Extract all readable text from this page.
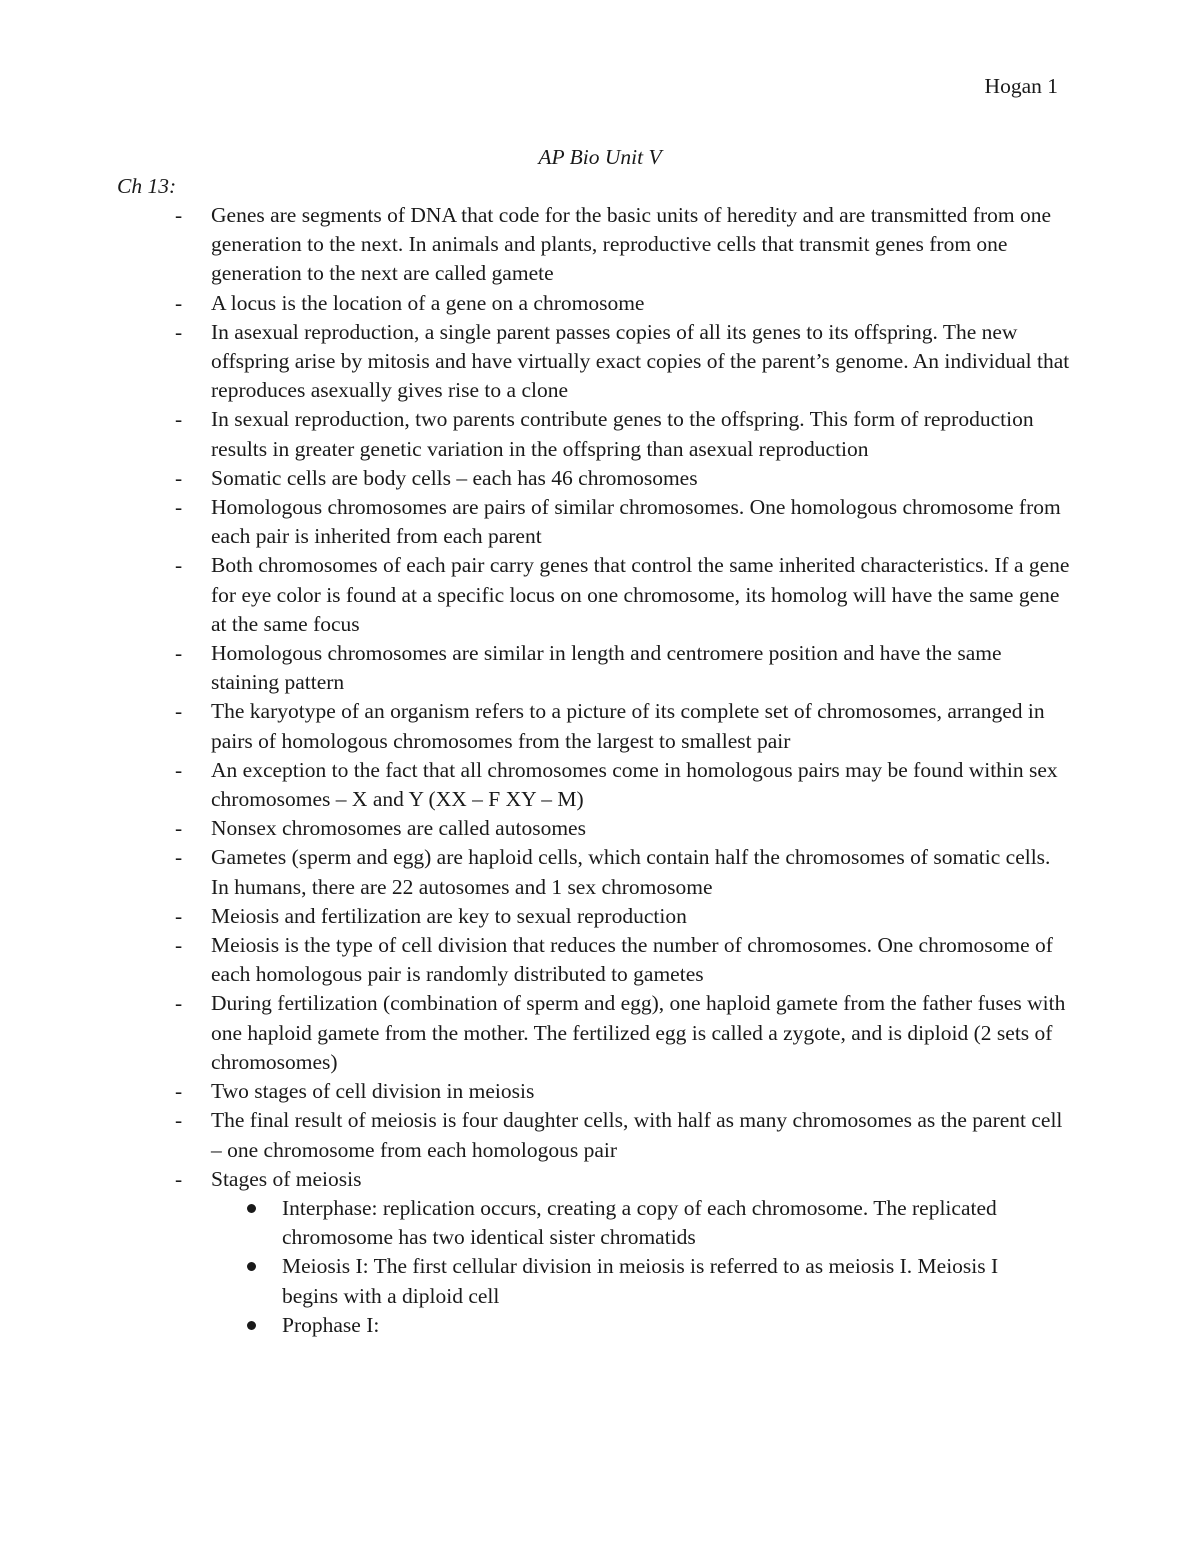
Hogan 1
AP Bio Unit V
Ch 13:
- Genes are segments of DNA that code for the basic units of heredity and are transmitted from one generation to the next. In animals and plants, reproductive cells that transmit genes from one generation to the next are called gamete
- A locus is the location of a gene on a chromosome
- In asexual reproduction, a single parent passes copies of all its genes to its offspring. The new offspring arise by mitosis and have virtually exact copies of the parent’s genome. An individual that reproduces asexually gives rise to a clone
- In sexual reproduction, two parents contribute genes to the offspring. This form of reproduction results in greater genetic variation in the offspring than asexual reproduction
- Somatic cells are body cells – each has 46 chromosomes
- Homologous chromosomes are pairs of similar chromosomes. One homologous chromosome from each pair is inherited from each parent
- Both chromosomes of each pair carry genes that control the same inherited characteristics. If a gene for eye color is found at a specific locus on one chromosome, its homolog will have the same gene at the same focus
- Homologous chromosomes are similar in length and centromere position and have the same staining pattern
- The karyotype of an organism refers to a picture of its complete set of chromosomes, arranged in pairs of homologous chromosomes from the largest to smallest pair
- An exception to the fact that all chromosomes come in homologous pairs may be found within sex chromosomes – X and Y (XX – F XY – M)
- Nonsex chromosomes are called autosomes
- Gametes (sperm and egg) are haploid cells, which contain half the chromosomes of somatic cells. In humans, there are 22 autosomes and 1 sex chromosome
- Meiosis and fertilization are key to sexual reproduction
- Meiosis is the type of cell division that reduces the number of chromosomes. One chromosome of each homologous pair is randomly distributed to gametes
- During fertilization (combination of sperm and egg), one haploid gamete from the father fuses with one haploid gamete from the mother. The fertilized egg is called a zygote, and is diploid (2 sets of chromosomes)
- Two stages of cell division in meiosis
- The final result of meiosis is four daughter cells, with half as many chromosomes as the parent cell – one chromosome from each homologous pair
- Stages of meiosis
Interphase: replication occurs, creating a copy of each chromosome. The replicated chromosome has two identical sister chromatids
Meiosis I: The first cellular division in meiosis is referred to as meiosis I. Meiosis I begins with a diploid cell
Prophase I:
